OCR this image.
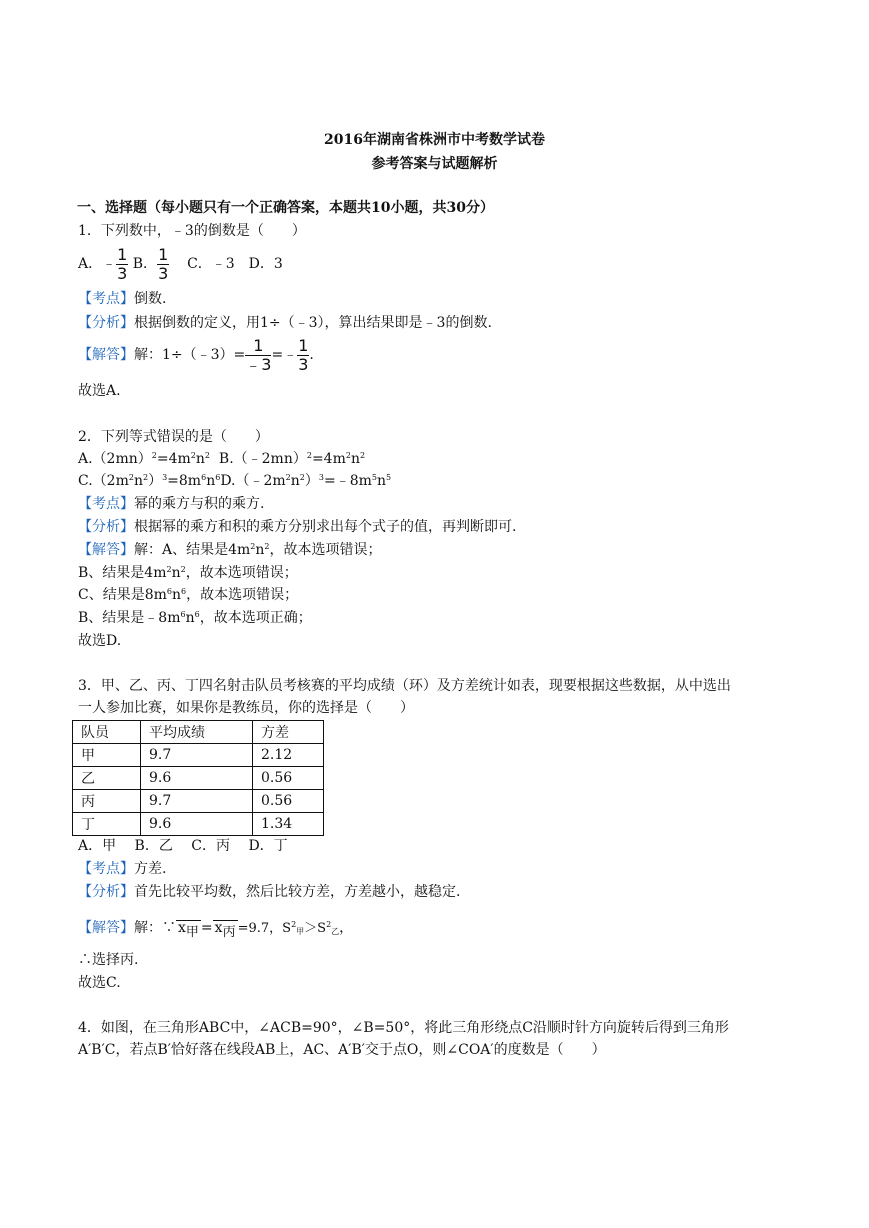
2016年湖南省株洲市中考数学试卷
参考答案与试题解析
一、选择题（每小题只有一个正确答案，本题共10小题，共30分）
1．下列数中，﹣3的倒数是（　　）
A．﹣ $\frac{1}{3}$ B． $\frac{1}{3}$ C．﹣3　D．3
【考点】倒数.
【分析】根据倒数的定义，用1÷（﹣3），算出结果即是﹣3的倒数.
【解答】解：1÷（﹣3）= $\frac{1}{﹣3}$ =﹣ $\frac{1}{3}$ .
故选A.
2．下列等式错误的是（　　）
$A.(2mn)^2=4m^2n^2$  $B.(﹣2mn)^2=4m^2n^2$
$C.(2m^2n^2)^3=8m^6n^6D.(﹣2m^2n^2)^3=﹣8m^5n^5$
【考点】幂的乘方与积的乘方.
【分析】根据幂的乘方和积的乘方分别求出每个式子的值，再判断即可.
【解答】解：A、结果是$4m^2n^2$，故本选项错误；
B、结果是$4m^2n^2$，故本选项错误；
C、结果是$8m^6n^6$，故本选项错误；
B、结果是$﹣8m^6n^6$，故本选项正确；
故选D.
3．甲、乙、丙、丁四名射击队员考核赛的平均成绩（环）及方差统计如表，现要根据这些数据，从中选出
一人参加比赛，如果你是教练员，你的选择是（　　）
队员	平均成绩	方差
甲	9.7	2.12
乙	9.6	0.56
丙	9.7	0.56
丁	9.6	1.34
A．甲　 B．乙　 C．丙　 D．丁
【考点】方差.
【分析】首先比较平均数，然后比较方差，方差越小，越稳定.
【解答】解：∵ $x_甲 = x_丙 =9.7$，$S^2_甲>S^2_乙$，
∴选择丙.
故选C.
4．如图，在三角形ABC中，∠ACB=90°，∠B=50°，将此三角形绕点C沿顺时针方向旋转后得到三角形
A′B′C，若点B′恰好落在线段AB上，AC、A′B′交于点O，则∠COA′的度数是（　　）
